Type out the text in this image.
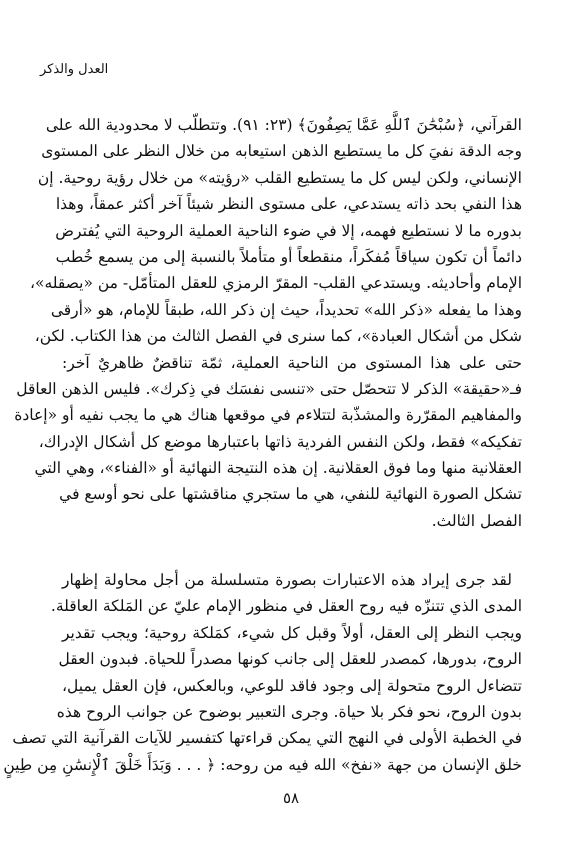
العدل والذكر
القرآني، ﴿سُبْحَٰنَ ٱللَّهِ عَمَّا يَصِفُونَ﴾ (٢٣: ٩١). وتتطلّب لا محدودية الله على
وجه الدقة نفيَ كل ما يستطيع الذهن استيعابه من خلال النظر على المستوى
الإنساني، ولكن ليس كل ما يستطيع القلب «رؤيته» من خلال رؤية روحية. إن
هذا النفي بحد ذاته يستدعي، على مستوى النظر شيئاً آخر أكثر عمقاً، وهذا
بدوره ما لا نستطيع فهمه، إلا في ضوء الناحية العملية الروحية التي يُفترض
دائماً أن تكون سياقاً مُفكَراً، منقطعاً أو متأملاً بالنسبة إلى من يسمع خُطب
الإمام وأحاديثه. ويستدعي القلب- المقرّ الرمزي للعقل المتأمّل- من «يصقله»،
وهذا ما يفعله «ذكر الله» تحديداً، حيث إن ذكر الله، طبقاً للإمام، هو «أرقى
شكل من أشكال العبادة»، كما سنرى في الفصل الثالث من هذا الكتاب. لكن،
حتى على هذا المستوى من الناحية العملية، ثمّة تناقضٌ ظاهريٌ آخر:
فـ«حقيقة» الذكر لا تتحصّل حتى «تنسى نفسَك في ذِكرك». فليس الذهن العاقل
والمفاهيم المقرّرة والمشذّبة لتتلاءم في موقعها هناك هي ما يجب نفيه أو «إعادة
تفكيكه» فقط، ولكن النفس الفردية ذاتها باعتبارها موضع كل أشكال الإدراك،
العقلانية منها وما فوق العقلانية. إن هذه النتيجة النهائية أو «الفناء»، وهي التي
تشكل الصورة النهائية للنفي، هي ما ستجري مناقشتها على نحو أوسع في
الفصل الثالث.
لقد جرى إيراد هذه الاعتبارات بصورة متسلسلة من أجل محاولة إظهار
المدى الذي تتنزّه فيه روح العقل في منظور الإمام عليّ عن المَلكة العاقلة.
ويجب النظر إلى العقل، أولاً وقبل كل شيء، كمَلكة روحية؛ ويجب تقدير
الروح، بدورها، كمصدر للعقل إلى جانب كونها مصدراً للحياة. فبدون العقل
تتضاءل الروح متحولة إلى وجود فاقد للوعي، وبالعكس، فإن العقل يميل،
بدون الروح، نحو فكر بلا حياة. وجرى التعبير بوضوح عن جوانب الروح هذه
في الخطبة الأولى في النهج التي يمكن قراءتها كتفسير للآيات القرآنية التي تصف
خلق الإنسان من جهة «نفخ» الله فيه من روحه: ﴿ . . . وَبَدَأَ خَلْقَ ٱلْإِنسَٰنِ مِن طِينٍ
٥٨
